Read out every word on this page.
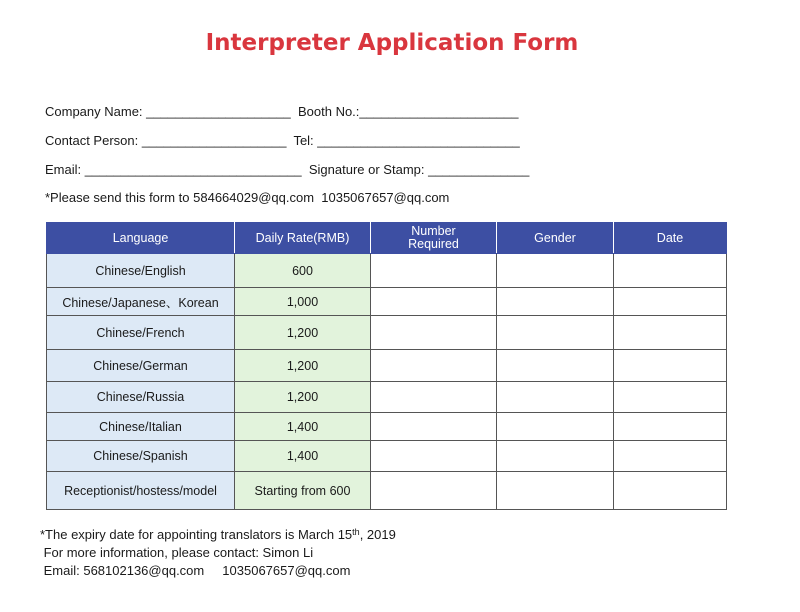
Interpreter Application Form
Company Name: ____________________ Booth No.:______________________
Contact Person: ____________________ Tel: ____________________________
Email: ______________________________ Signature or Stamp: ______________
*Please send this form to 584664029@qq.com  1035067657@qq.com
Language	Daily Rate(RMB)	Number Required	Gender	Date
Chinese/English	600			
Chinese/Japanese、Korean	1,000			
Chinese/French	1,200			
Chinese/German	1,200			
Chinese/Russia	1,200			
Chinese/Italian	1,400			
Chinese/Spanish	1,400			
Receptionist/hostess/model	Starting from 600			
*The expiry date for appointing translators is March 15th, 2019
For more information, please contact: Simon Li
Email: 568102136@qq.com     1035067657@qq.com
